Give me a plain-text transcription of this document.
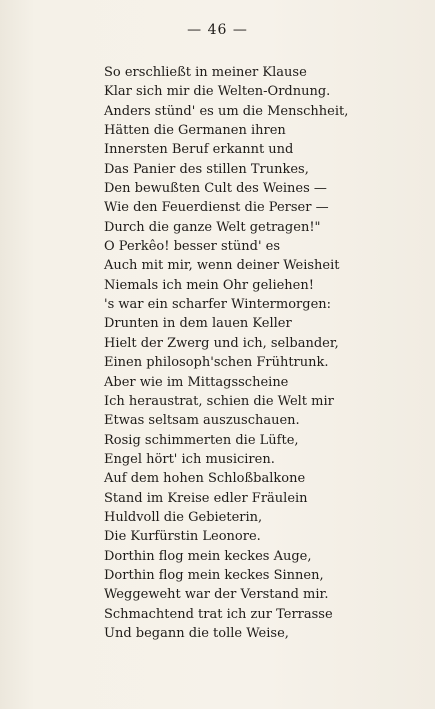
— 46 —
So erschließt in meiner Klause
Klar sich mir die Welten-Ordnung.
Anders stünd' es um die Menschheit,
Hätten die Germanen ihren
Innersten Beruf erkannt und
Das Panier des stillen Trunkes,
Den bewußten Cult des Weines —
Wie den Feuerdienst die Perser —
Durch die ganze Welt getragen!"
O Perkêo! besser stünd' es
Auch mit mir, wenn deiner Weisheit
Niemals ich mein Ohr geliehen!
's war ein scharfer Wintermorgen:
Drunten in dem lauen Keller
Hielt der Zwerg und ich, selbander,
Einen philosoph'schen Frühtrunk.
Aber wie im Mittagsscheine
Ich heraustrat, schien die Welt mir
Etwas seltsam auszuschauen.
Rosig schimmerten die Lüfte,
Engel hört' ich musiciren.
Auf dem hohen Schloßbalkone
Stand im Kreise edler Fräulein
Huldvoll die Gebieterin,
Die Kurfürstin Leonore.
Dorthin flog mein keckes Auge,
Dorthin flog mein keckes Sinnen,
Weggeweht war der Verstand mir.
Schmachtend trat ich zur Terrasse
Und begann die tolle Weise,
